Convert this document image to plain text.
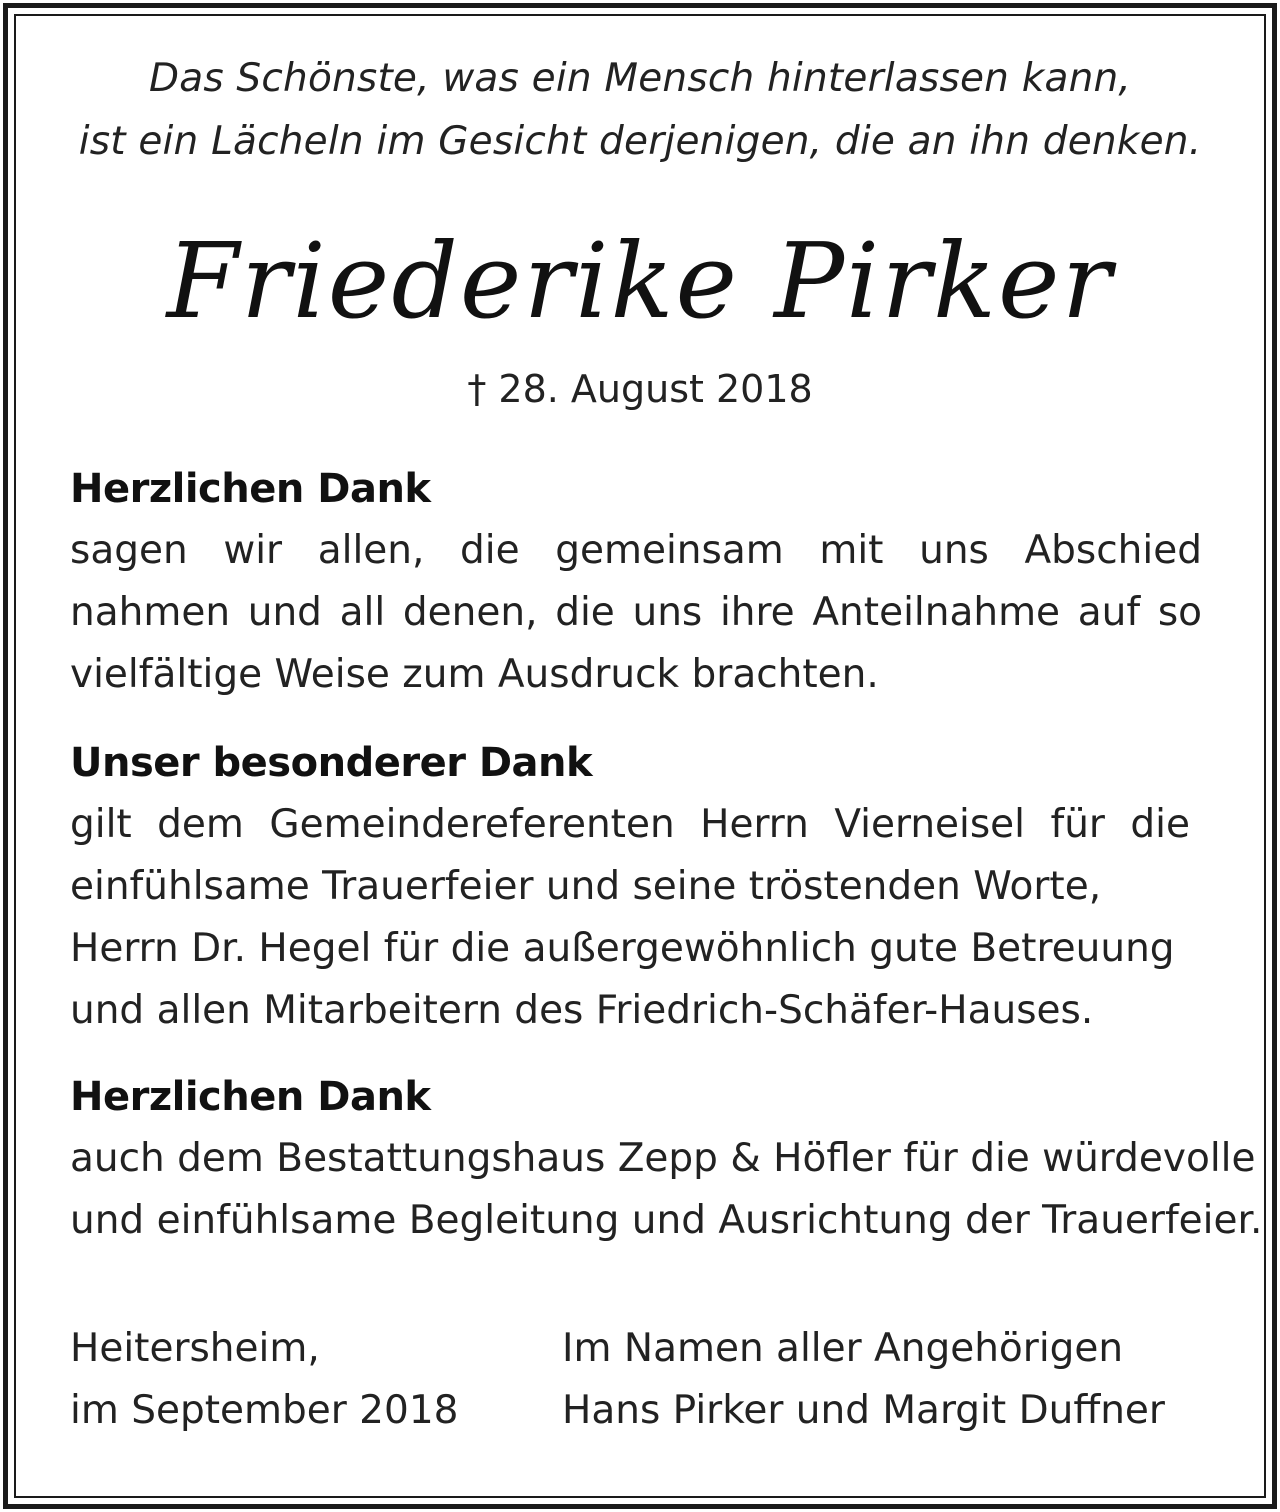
Das Schönste, was ein Mensch hinterlassen kann,
ist ein Lächeln im Gesicht derjenigen, die an ihn denken.
Friederike Pirker
† 28. August 2018
Herzlichen Dank
sagen wir allen, die gemeinsam mit uns Abschied
nahmen und all denen, die uns ihre Anteilnahme auf so
vielfältige Weise zum Ausdruck brachten.
Unser besonderer Dank
gilt dem Gemeindereferenten Herrn Vierneisel für die
einfühlsame Trauerfeier und seine tröstenden Worte,
Herrn Dr. Hegel für die außergewöhnlich gute Betreuung
und allen Mitarbeitern des Friedrich-Schäfer-Hauses.
Herzlichen Dank
auch dem Bestattungshaus Zepp & Höfler für die würdevolle
und einfühlsame Begleitung und Ausrichtung der Trauerfeier.
Heitersheim,
im September 2018
Im Namen aller Angehörigen
Hans Pirker und Margit Duffner
